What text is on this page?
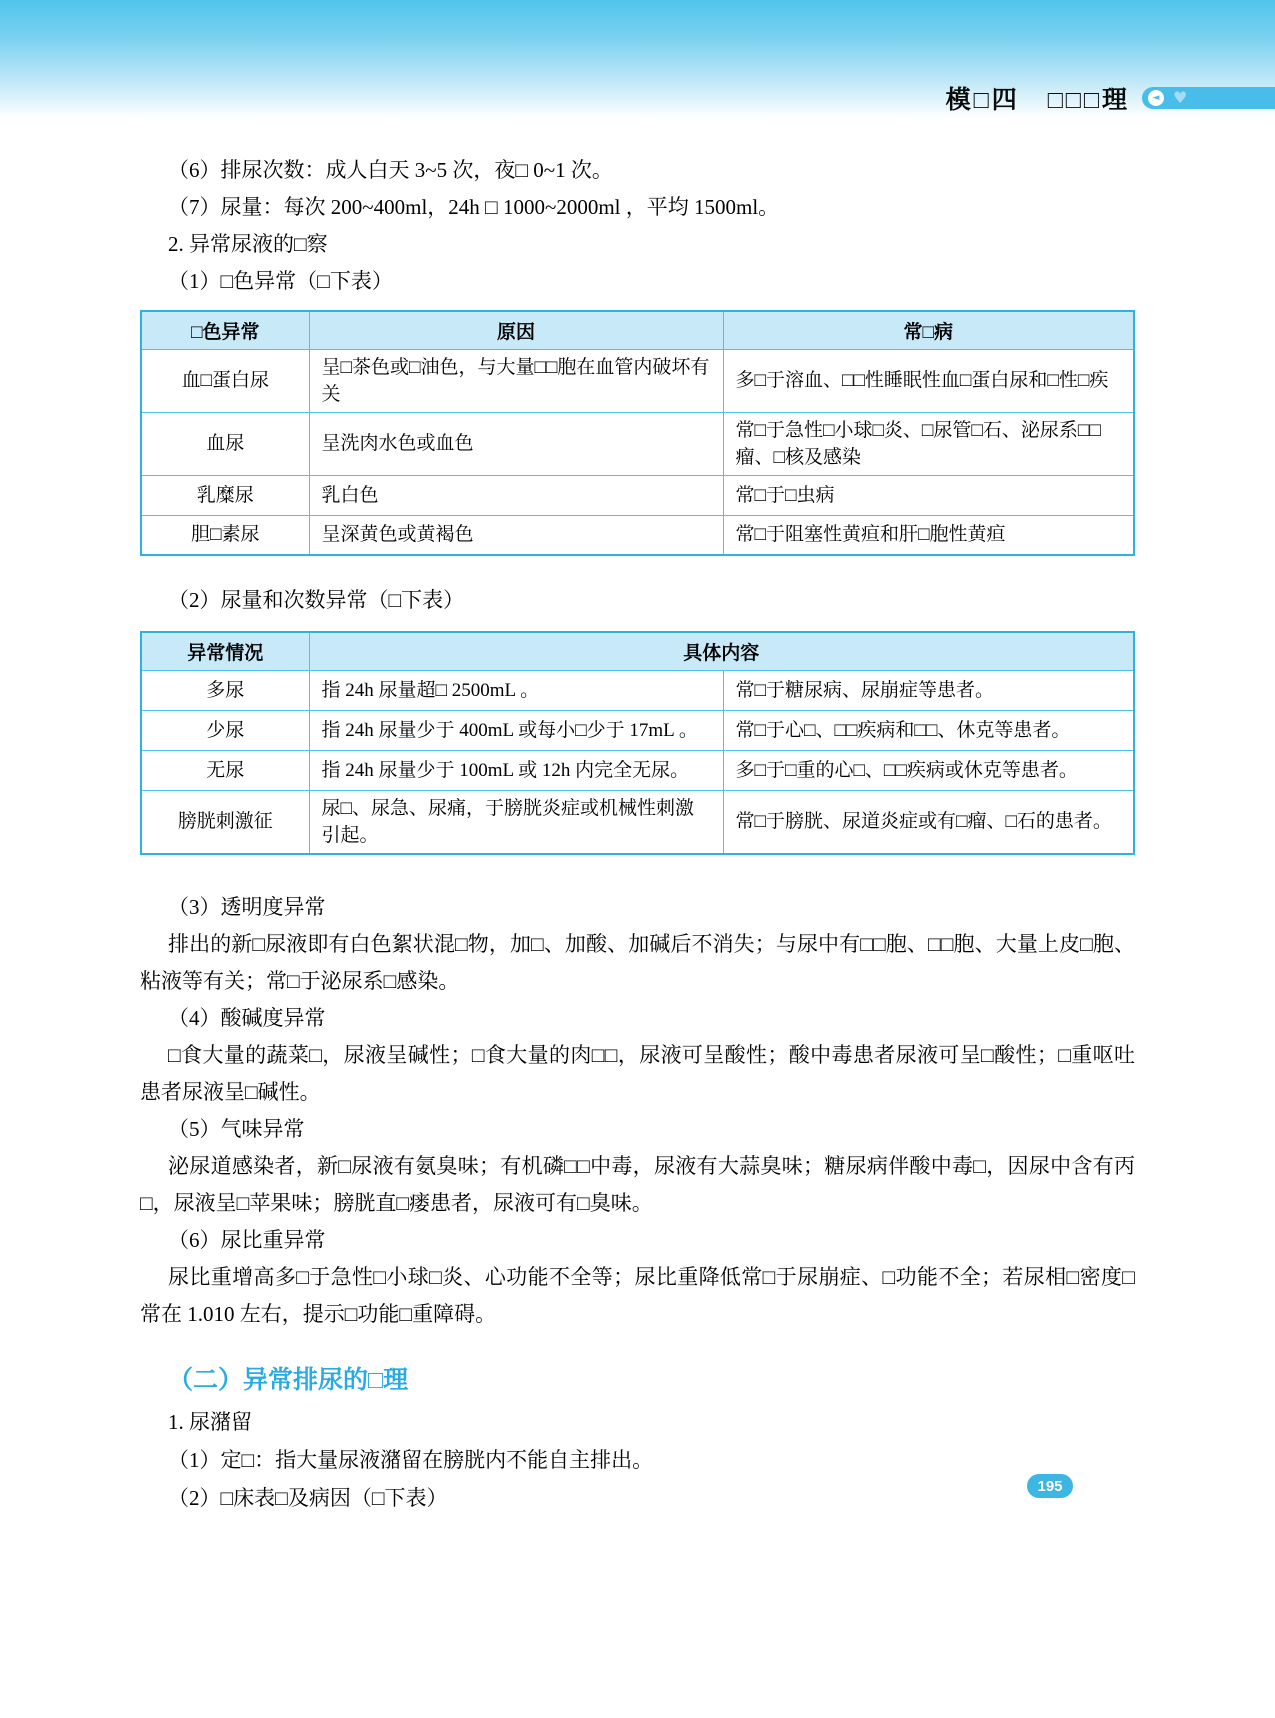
模□四　□□□理	◄ ♥

（6）排尿次数：成人白天 3~5 次，夜□ 0~1 次。

（7）尿量：每次 200~400ml，24h □ 1000~2000ml ，平均 1500ml。

2. 异常尿液的□察

（1）□色异常（□下表）

□色异常	原因	常□病
血□蛋白尿	呈□茶色或□油色，与大量□□胞在血管内破坏有关	多□于溶血、□□性睡眠性血□蛋白尿和□性□疾
血尿	呈洗肉水色或血色	常□于急性□小球□炎、□尿管□石、泌尿系□□瘤、□核及感染
乳糜尿	乳白色	常□于□虫病
胆□素尿	呈深黄色或黄褐色	常□于阻塞性黄疸和肝□胞性黄疸

（2）尿量和次数异常（□下表）

异常情况	具体内容	
多尿	指 24h 尿量超□ 2500mL 。	常□于糖尿病、尿崩症等患者。
少尿	指 24h 尿量少于 400mL 或每小□少于 17mL 。	常□于心□、□□疾病和□□、休克等患者。
无尿	指 24h 尿量少于 100mL 或 12h 内完全无尿。	多□于□重的心□、□□疾病或休克等患者。
膀胱刺激征	尿□、尿急、尿痛，于膀胱炎症或机械性刺激引起。	常□于膀胱、尿道炎症或有□瘤、□石的患者。

（3）透明度异常

排出的新□尿液即有白色絮状混□物，加□、加酸、加碱后不消失；与尿中有□□胞、□□胞、大量上皮□胞、粘液等有关；常□于泌尿系□感染。

（4）酸碱度异常

□食大量的蔬菜□，尿液呈碱性；□食大量的肉□□，尿液可呈酸性；酸中毒患者尿液可呈□酸性；□重呕吐患者尿液呈□碱性。

（5）气味异常

泌尿道感染者，新□尿液有氨臭味；有机磷□□中毒，尿液有大蒜臭味；糖尿病伴酸中毒□，因尿中含有丙□，尿液呈□苹果味；膀胱直□瘘患者，尿液可有□臭味。

（6）尿比重异常

尿比重增高多□于急性□小球□炎、心功能不全等；尿比重降低常□于尿崩症、□功能不全；若尿相□密度□常在 1.010 左右，提示□功能□重障碍。

（二）异常排尿的□理

1. 尿潴留

（1）定□：指大量尿液潴留在膀胱内不能自主排出。

（2）□床表□及病因（□下表）	195
